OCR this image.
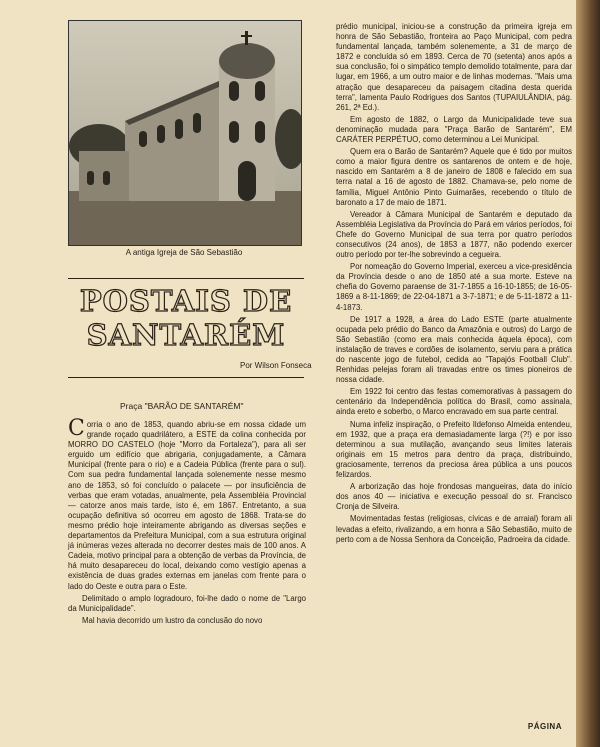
A antiga Igreja de São Sebastião
POSTAIS DE
SANTARÉM
Por Wilson Fonseca
Praça "BARÃO DE SANTARÉM"

Corria o ano de 1853, quando abriu-se em nossa cidade um grande roçado quadrilátero, a ESTE da colina conhecida por MORRO DO CASTELO (hoje "Morro da Fortaleza"), para ali ser erguido um edifício que abrigaria, conjugadamente, a Câmara Municipal (frente para o rio) e a Cadeia Pública (frente para o sul). Com sua pedra fundamental lançada solenemente nesse mesmo ano de 1853, só foi concluído o palacete — por insuficiência de verbas que eram votadas, anualmente, pela Assembléia Provincial — catorze anos mais tarde, isto é, em 1867. Entretanto, a sua ocupação definitiva só ocorreu em agosto de 1868. Trata-se do mesmo prédio hoje inteiramente abrigando as diversas seções e departamentos da Prefeitura Municipal, com a sua estrutura original já inúmeras vezes alterada no decorrer destes mais de 100 anos. A Cadeia, motivo principal para a obtenção de verbas da Província, de há muito desapareceu do local, deixando como vestígio apenas a existência de duas grades externas em janelas com frente para o lado do Oeste e outra para o Este.

Delimitado o amplo logradouro, foi-lhe dado o nome de "Largo da Municipalidade".

Mal havia decorrido um lustro da conclusão do novo

prédio municipal, iniciou-se a construção da primeira igreja em honra de São Sebastião, fronteira ao Paço Municipal, com pedra fundamental lançada, também solenemente, a 31 de março de 1872 e concluída só em 1893. Cerca de 70 (setenta) anos após a sua conclusão, foi o simpático templo demolido totalmente, para dar lugar, em 1966, a um outro maior e de linhas modernas. "Mais uma atração que desapareceu da paisagem citadina desta querida terra", lamenta Paulo Rodrigues dos Santos (TUPAIULÂNDIA, pág. 261, 2ª Ed.).

Em agosto de 1882, o Largo da Municipalidade teve sua denominação mudada para "Praça Barão de Santarém", EM CARÁTER PERPÉTUO, como determinou a Lei Municipal.

Quem era o Barão de Santarém? Aquele que é tido por muitos como a maior figura dentre os santarenos de ontem e de hoje, nascido em Santarém a 8 de janeiro de 1808 e falecido em sua terra natal a 16 de agosto de 1882. Chamava-se, pelo nome de família, Miguel Antônio Pinto Guimarães, recebendo o título de baronato a 17 de maio de 1871.

Vereador à Câmara Municipal de Santarém e deputado da Assembléia Legislativa da Província do Pará em vários períodos, foi Chefe do Governo Municipal de sua terra por quatro períodos consecutivos (24 anos), de 1853 a 1877, não podendo exercer outro período por ter-lhe sobrevindo a cegueira.

Por nomeação do Governo Imperial, exerceu a vice-presidência da Província desde o ano de 1850 até a sua morte. Esteve na chefia do Governo paraense de 31-7-1855 a 16-10-1855; de 16-05-1869 a 8-11-1869; de 22-04-1871 a 3-7-1871; e de 5-11-1872 a 11-4-1873.

De 1917 a 1928, a área do Lado ESTE (parte atualmente ocupada pelo prédio do Banco da Amazônia e outros) do Largo de São Sebastião (como era mais conhecida àquela época), com instalação de traves e cordões de isolamento, serviu para a prática do nascente jogo de futebol, cedida ao "Tapajós Football Club". Renhidas pelejas foram ali travadas entre os times pioneiros de nossa cidade.

Em 1922 foi centro das festas comemorativas à passagem do centenário da Independência política do Brasil, como assinala, ainda ereto e soberbo, o Marco encravado em sua parte central.

Numa infeliz inspiração, o Prefeito Ildefonso Almeida entendeu, em 1932, que a praça era demasiadamente larga (?!) e por isso determinou a sua mutilação, avançando seus limites laterais originais em 15 metros para dentro da praça, distribuindo, graciosamente, terrenos da preciosa área pública a uns poucos felizardos.

A arborização das hoje frondosas mangueiras, data do início dos anos 40 — iniciativa e execução pessoal do sr. Francisco Cronja de Silveira.

Movimentadas festas (religiosas, cívicas e de arraial) foram ali levadas a efeito, rivalizando, a em honra a São Sebastião, muito de perto com a de Nossa Senhora da Conceição, Padroeira da cidade.

PÁGINA
